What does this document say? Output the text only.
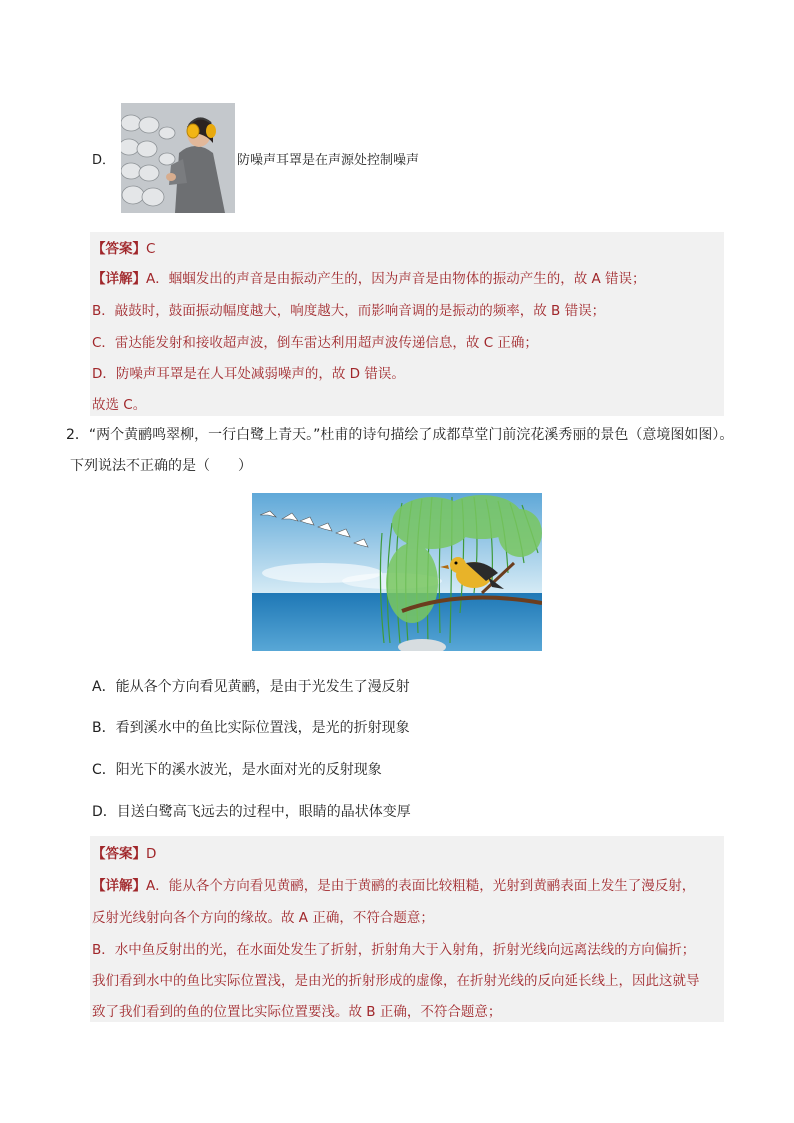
D．	防噪声耳罩是在声源处控制噪声
【答案】C
【详解】A．蝈蝈发出的声音是由振动产生的，因为声音是由物体的振动产生的，故 A 错误；
B．敲鼓时，鼓面振动幅度越大，响度越大，而影响音调的是振动的频率，故 B 错误；
C．雷达能发射和接收超声波，倒车雷达利用超声波传递信息，故 C 正确；
D．防噪声耳罩是在人耳处减弱噪声的，故 D 错误。
故选 C。
2．“两个黄鹂鸣翠柳，一行白鹭上青天。”杜甫的诗句描绘了成都草堂门前浣花溪秀丽的景色（意境图如图）。
下列说法不正确的是（　　）
A．能从各个方向看见黄鹂，是由于光发生了漫反射
B．看到溪水中的鱼比实际位置浅，是光的折射现象
C．阳光下的溪水波光，是水面对光的反射现象
D．目送白鹭高飞远去的过程中，眼睛的晶状体变厚
【答案】D
【详解】A．能从各个方向看见黄鹂，是由于黄鹂的表面比较粗糙，光射到黄鹂表面上发生了漫反射，
反射光线射向各个方向的缘故。故 A 正确，不符合题意；
B．水中鱼反射出的光，在水面处发生了折射，折射角大于入射角，折射光线向远离法线的方向偏折；
我们看到水中的鱼比实际位置浅，是由光的折射形成的虚像，在折射光线的反向延长线上，因此这就导
致了我们看到的鱼的位置比实际位置要浅。故 B 正确，不符合题意；
